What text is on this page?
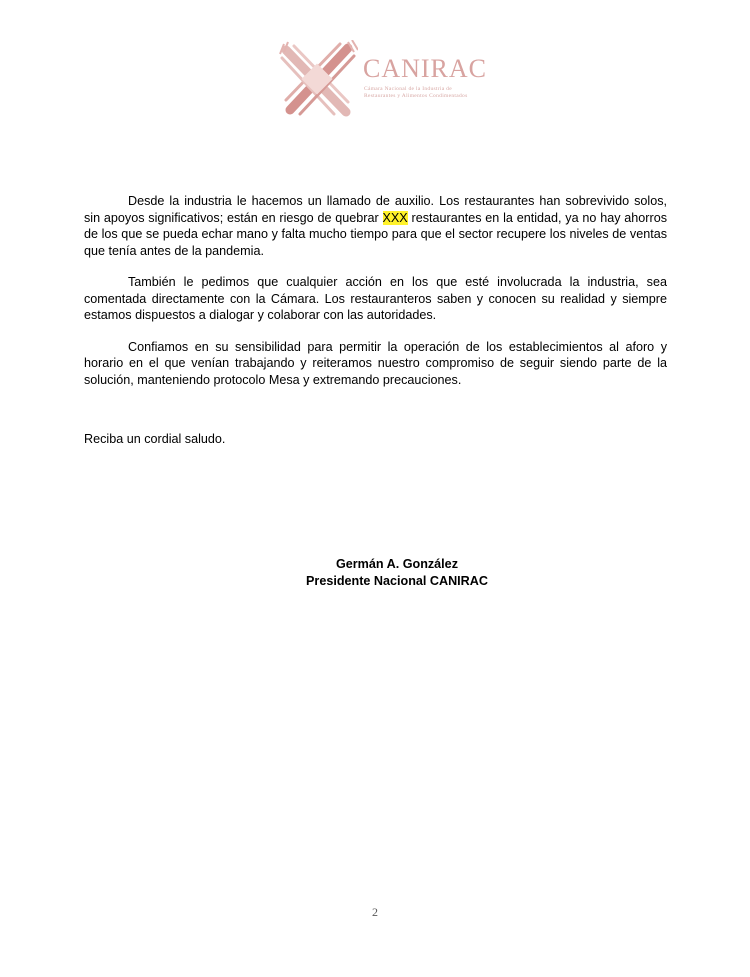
CANIRAC
Cámara Nacional de la Industria de
Restaurantes y Alimentos Condimentados

Desde la industria le hacemos un llamado de auxilio. Los restaurantes han sobrevivido solos, sin apoyos significativos; están en riesgo de quebrar XXX restaurantes en la entidad, ya no hay ahorros de los que se pueda echar mano y falta mucho tiempo para que el sector recupere los niveles de ventas que tenía antes de la pandemia.

También le pedimos que cualquier acción en los que esté involucrada la industria, sea comentada directamente con la Cámara. Los restauranteros saben y conocen su realidad y siempre estamos dispuestos a dialogar y colaborar con las autoridades.

Confiamos en su sensibilidad para permitir la operación de los establecimientos al aforo y horario en el que venían trabajando y reiteramos nuestro compromiso de seguir siendo parte de la solución, manteniendo protocolo Mesa y extremando precauciones.

Reciba un cordial saludo.
Germán A. González
Presidente Nacional CANIRAC
2
